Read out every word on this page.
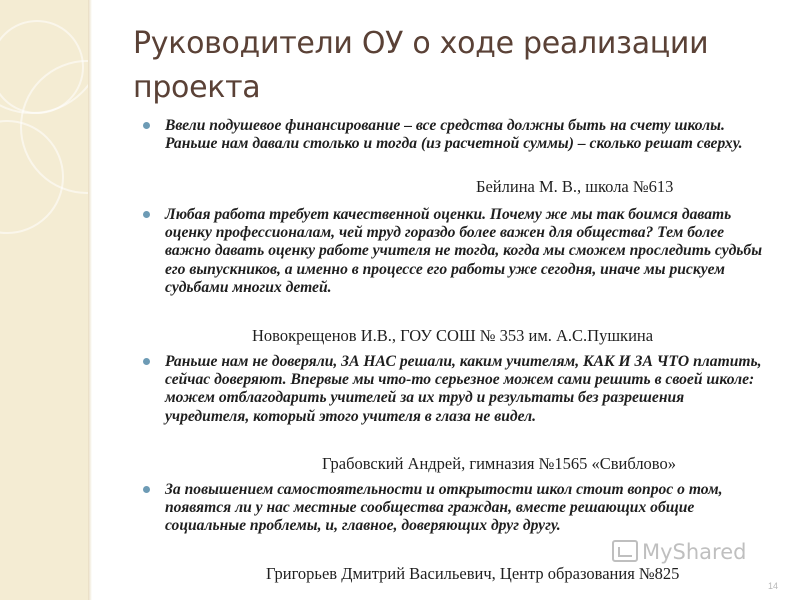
Руководители ОУ о ходе реализации проекта
Ввели подушевое финансирование – все средства должны быть на счету школы. Раньше нам давали столько и тогда (из расчетной суммы) – сколько решат сверху.
Бейлина М. В., школа №613
Любая работа требует качественной оценки. Почему же мы так боимся давать оценку профессионалам, чей труд гораздо более важен для общества? Тем более важно давать оценку работе учителя не тогда, когда мы сможем проследить судьбы его выпускников, а именно в процессе его работы уже сегодня, иначе мы рискуем судьбами многих детей.
Новокрещенов И.В., ГОУ СОШ № 353 им. А.С.Пушкина
Раньше нам не доверяли, ЗА НАС решали, каким учителям, КАК И ЗА ЧТО платить, сейчас доверяют. Впервые мы что-то серьезное можем сами решить в своей школе: можем отблагодарить учителей за их труд и результаты без разрешения учредителя, который этого учителя в глаза не видел.
Грабовский Андрей, гимназия №1565 «Свиблово»
За повышением самостоятельности и открытости школ стоит вопрос о том, появятся ли у нас местные сообщества граждан, вместе решающих общие социальные проблемы, и, главное, доверяющих друг другу.
Григорьев Дмитрий Васильевич, Центр образования №825
MyShared
14
